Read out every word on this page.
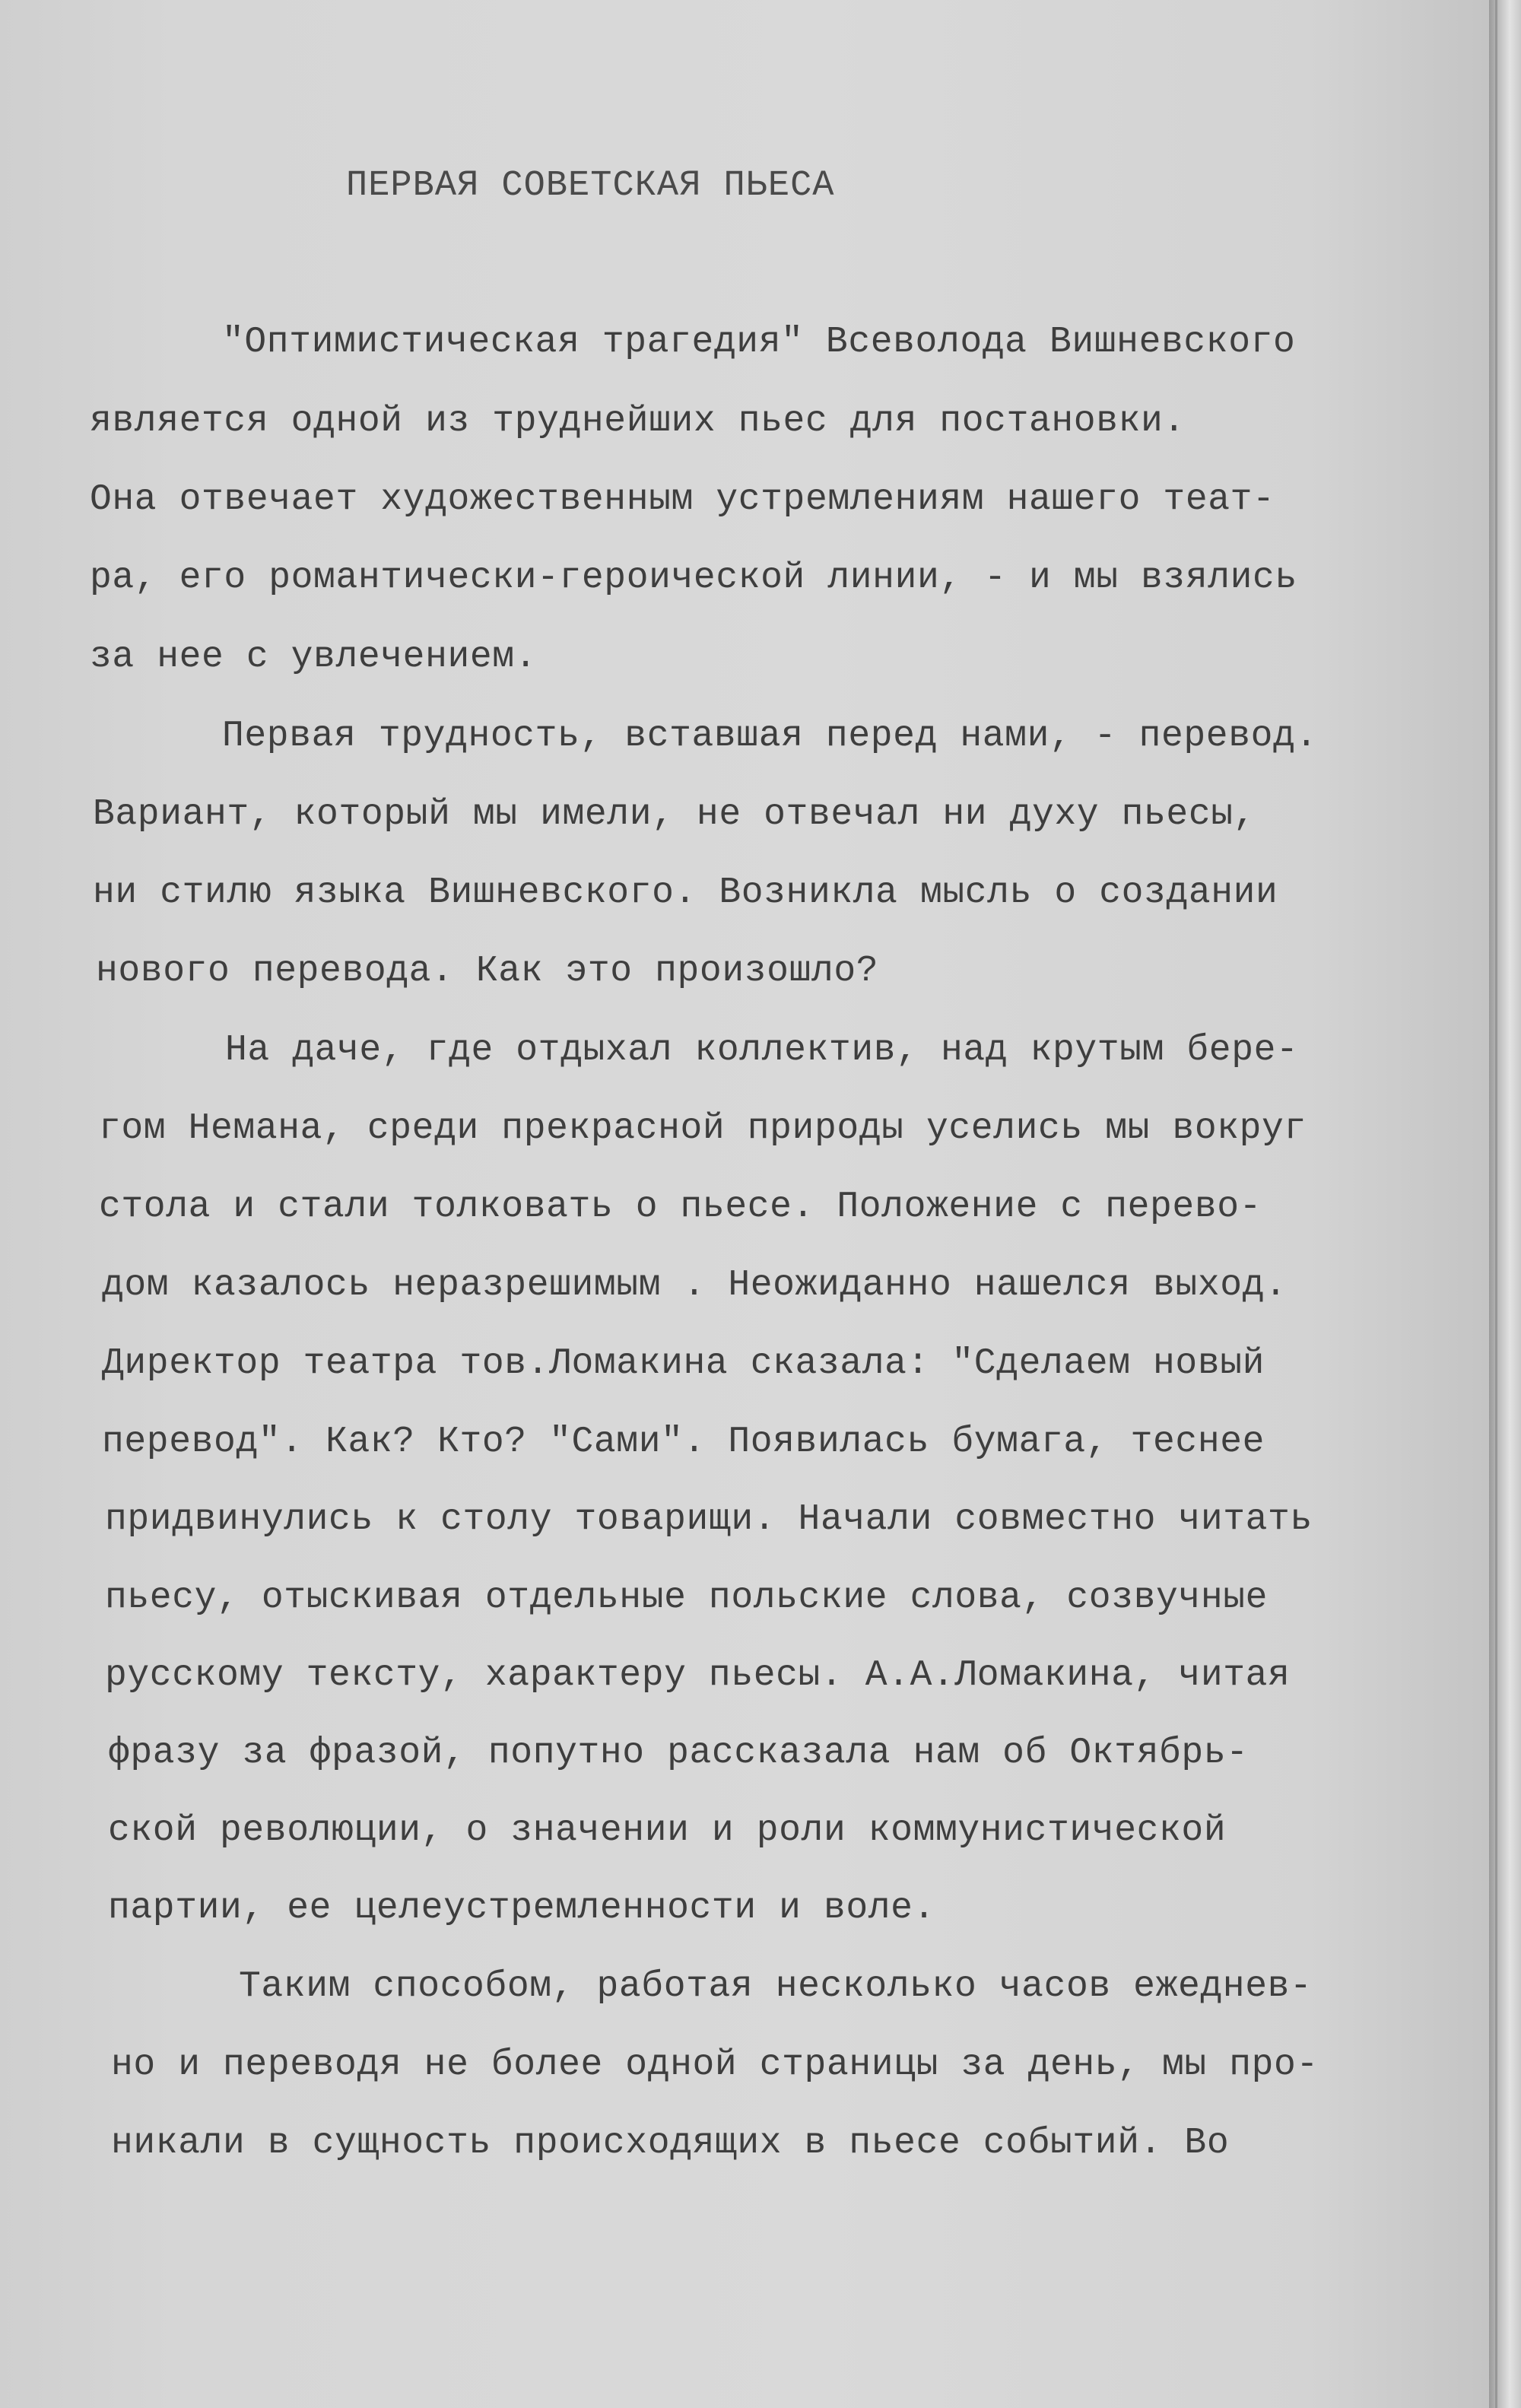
ПЕРВАЯ СОВЕТСКАЯ ПЬЕСА
"Оптимистическая трагедия" Всеволода Вишневского
является одной из труднейших пьес для постановки.
Она отвечает художественным устремлениям нашего теат-
ра, его романтически-героической линии, - и мы взялись
за нее с увлечением.
Первая трудность, вставшая перед нами, - перевод.
Вариант, который мы имели, не отвечал ни духу пьесы,
ни стилю языка Вишневского. Возникла мысль о создании
нового перевода. Как это произошло?
На даче, где отдыхал коллектив, над крутым бере-
гом Немана, среди прекрасной природы уселись мы вокруг
стола и стали толковать о пьесе. Положение с перево-
дом казалось неразрешимым . Неожиданно нашелся выход.
Директор театра тов.Ломакина сказала: "Сделаем новый
перевод". Как? Кто? "Сами". Появилась бумага, теснее
придвинулись к столу товарищи. Начали совместно читать
пьесу, отыскивая отдельные польские слова, созвучные
русскому тексту, характеру пьесы. А.А.Ломакина, читая
фразу за фразой, попутно рассказала нам об Октябрь-
ской революции, о значении и роли коммунистической
партии, ее целеустремленности и воле.
Таким способом, работая несколько часов ежеднев-
но и переводя не более одной страницы за день, мы про-
никали в сущность происходящих в пьесе событий. Во
